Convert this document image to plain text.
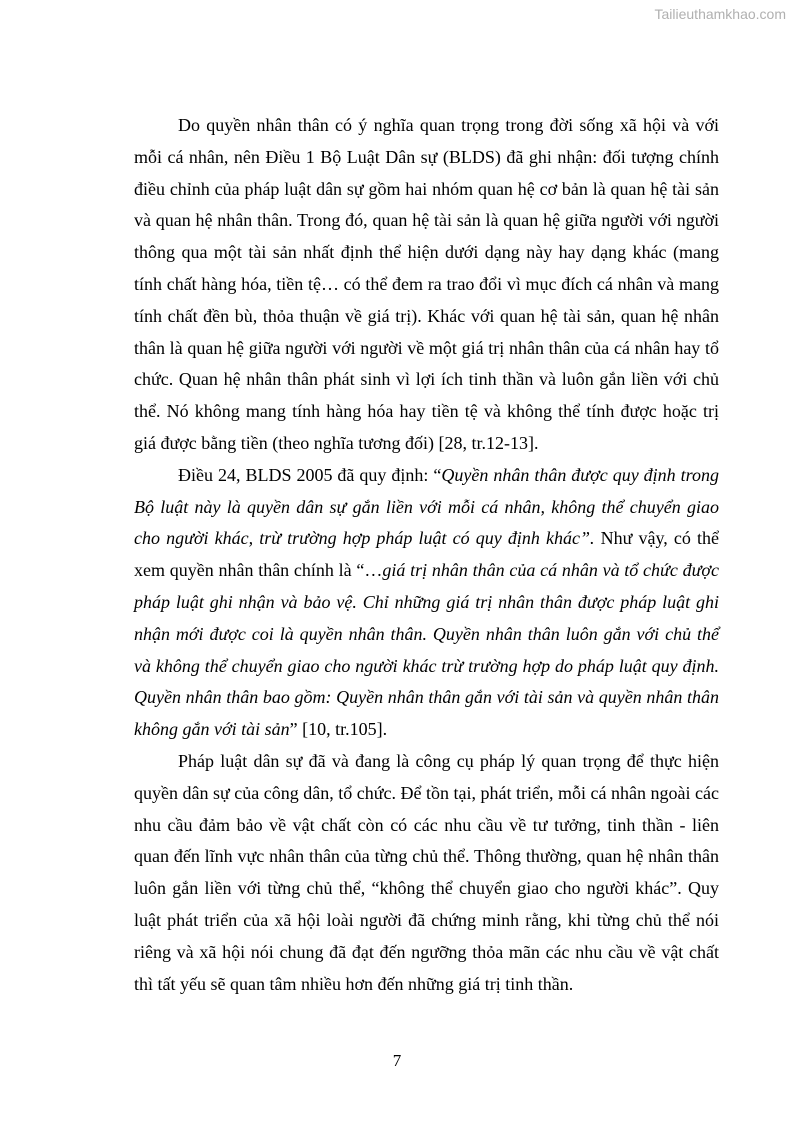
Tailieuthamkhao.com

Do quyền nhân thân có ý nghĩa quan trọng trong đời sống xã hội và với mỗi cá nhân, nên Điều 1 Bộ Luật Dân sự (BLDS) đã ghi nhận: đối tượng chính điều chỉnh của pháp luật dân sự gồm hai nhóm quan hệ cơ bản là quan hệ tài sản và quan hệ nhân thân. Trong đó, quan hệ tài sản là quan hệ giữa người với người thông qua một tài sản nhất định thể hiện dưới dạng này hay dạng khác (mang tính chất hàng hóa, tiền tệ… có thể đem ra trao đổi vì mục đích cá nhân và mang tính chất đền bù, thỏa thuận về giá trị). Khác với quan hệ tài sản, quan hệ nhân thân là quan hệ giữa người với người về một giá trị nhân thân của cá nhân hay tổ chức. Quan hệ nhân thân phát sinh vì lợi ích tinh thần và luôn gắn liền với chủ thể. Nó không mang tính hàng hóa hay tiền tệ và không thể tính được hoặc trị giá được bằng tiền (theo nghĩa tương đối) [28, tr.12-13].

Điều 24, BLDS 2005 đã quy định: “Quyền nhân thân được quy định trong Bộ luật này là quyền dân sự gắn liền với mỗi cá nhân, không thể chuyển giao cho người khác, trừ trường hợp pháp luật có quy định khác”. Như vậy, có thể xem quyền nhân thân chính là “…giá trị nhân thân của cá nhân và tổ chức được pháp luật ghi nhận và bảo vệ. Chỉ những giá trị nhân thân được pháp luật ghi nhận mới được coi là quyền nhân thân. Quyền nhân thân luôn gắn với chủ thể và không thể chuyển giao cho người khác trừ trường hợp do pháp luật quy định. Quyền nhân thân bao gồm: Quyền nhân thân gắn với tài sản và quyền nhân thân không gắn với tài sản” [10, tr.105].

Pháp luật dân sự đã và đang là công cụ pháp lý quan trọng để thực hiện quyền dân sự của công dân, tổ chức. Để tồn tại, phát triển, mỗi cá nhân ngoài các nhu cầu đảm bảo về vật chất còn có các nhu cầu về tư tưởng, tinh thần - liên quan đến lĩnh vực nhân thân của từng chủ thể. Thông thường, quan hệ nhân thân luôn gắn liền với từng chủ thể, “không thể chuyển giao cho người khác”. Quy luật phát triển của xã hội loài người đã chứng minh rằng, khi từng chủ thể nói riêng và xã hội nói chung đã đạt đến ngưỡng thỏa mãn các nhu cầu về vật chất thì tất yếu sẽ quan tâm nhiều hơn đến những giá trị tinh thần.

7
